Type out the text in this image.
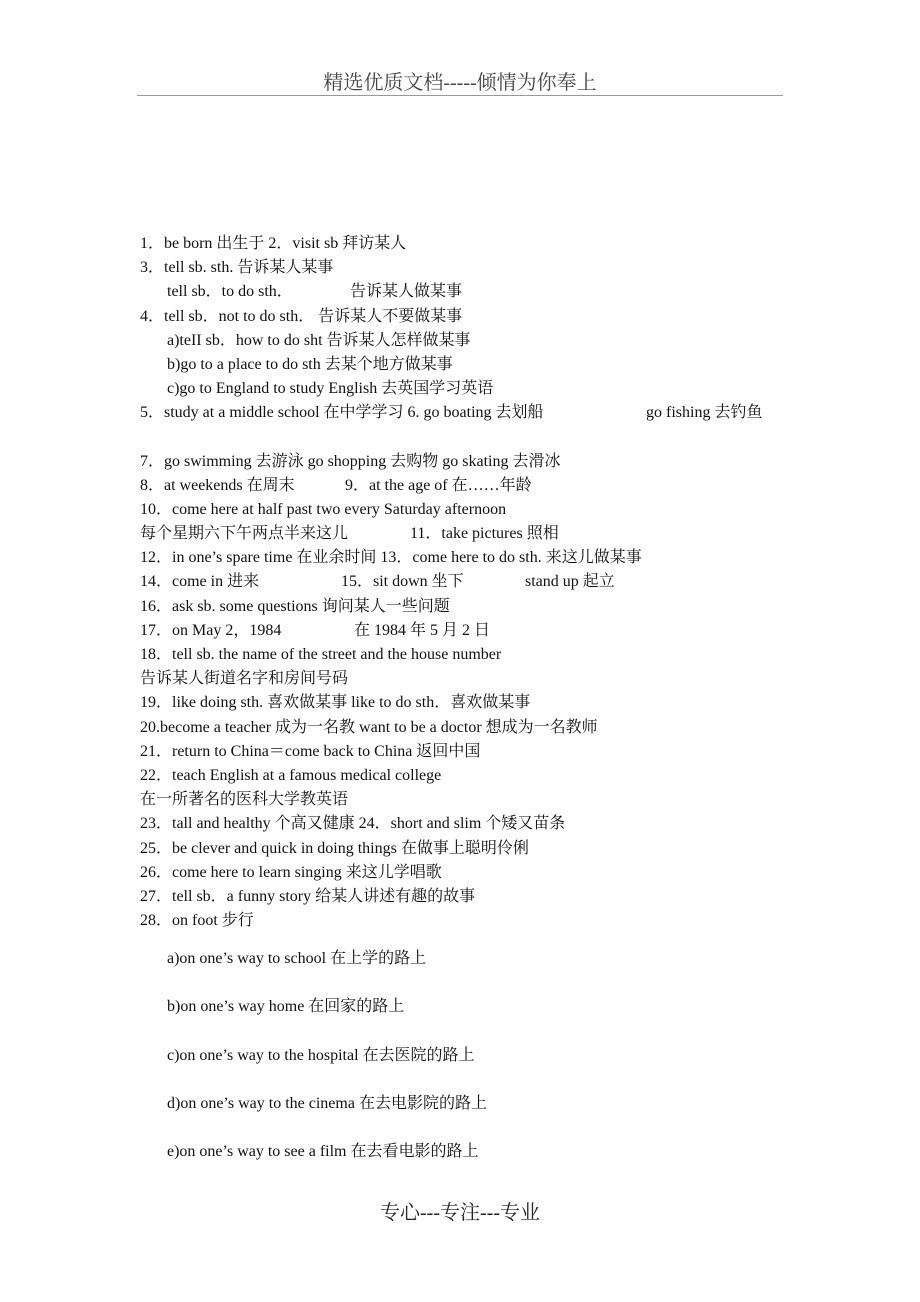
精选优质文档-----倾情为你奉上
1．be born 出生于 2．visit sb 拜访某人
3．tell sb. sth. 告诉某人某事
tell sb．to do sth．	告诉某人做某事
4．tell sb．not to do sth． 告诉某人不要做某事
a)teII sb．how to do sht 告诉某人怎样做某事
b)go to a place to do sth 去某个地方做某事
c)go to England to study English 去英国学习英语
5．study at a middle school 在中学学习 6. go boating 去划船	go fishing 去钓鱼
7．go swimming 去游泳 go shopping 去购物 go skating 去滑冰
8．at weekends 在周末	9．at the age of 在……年龄
10．come here at half past two every Saturday afternoon
每个星期六下午两点半来这儿	11．take pictures 照相
12．in one’s spare time 在业余时间 13．come here to do sth. 来这儿做某事
14．come in 进来	15．sit down 坐下	stand up 起立
16．ask sb. some questions 询问某人一些问题
17．on May 2，1984	在 1984 年 5 月 2 日
18．tell sb. the name of the street and the house number
告诉某人街道名字和房间号码
19．like doing sth. 喜欢做某事 like to do sth．喜欢做某事
20.become a teacher 成为一名教 want to be a doctor 想成为一名教师
21．return to China＝come back to China 返回中国
22．teach English at a famous medical college
在一所著名的医科大学教英语
23．tall and healthy 个高又健康 24．short and slim 个矮又苗条
25．be clever and quick in doing things 在做事上聪明伶俐
26．come here to learn singing 来这儿学唱歌
27．tell sb．a funny story 给某人讲述有趣的故事
28．on foot 步行
a)on one’s way to school 在上学的路上
b)on one’s way home 在回家的路上
c)on one’s way to the hospital 在去医院的路上
d)on one’s way to the cinema 在去电影院的路上
e)on one’s way to see a film 在去看电影的路上
专心---专注---专业
